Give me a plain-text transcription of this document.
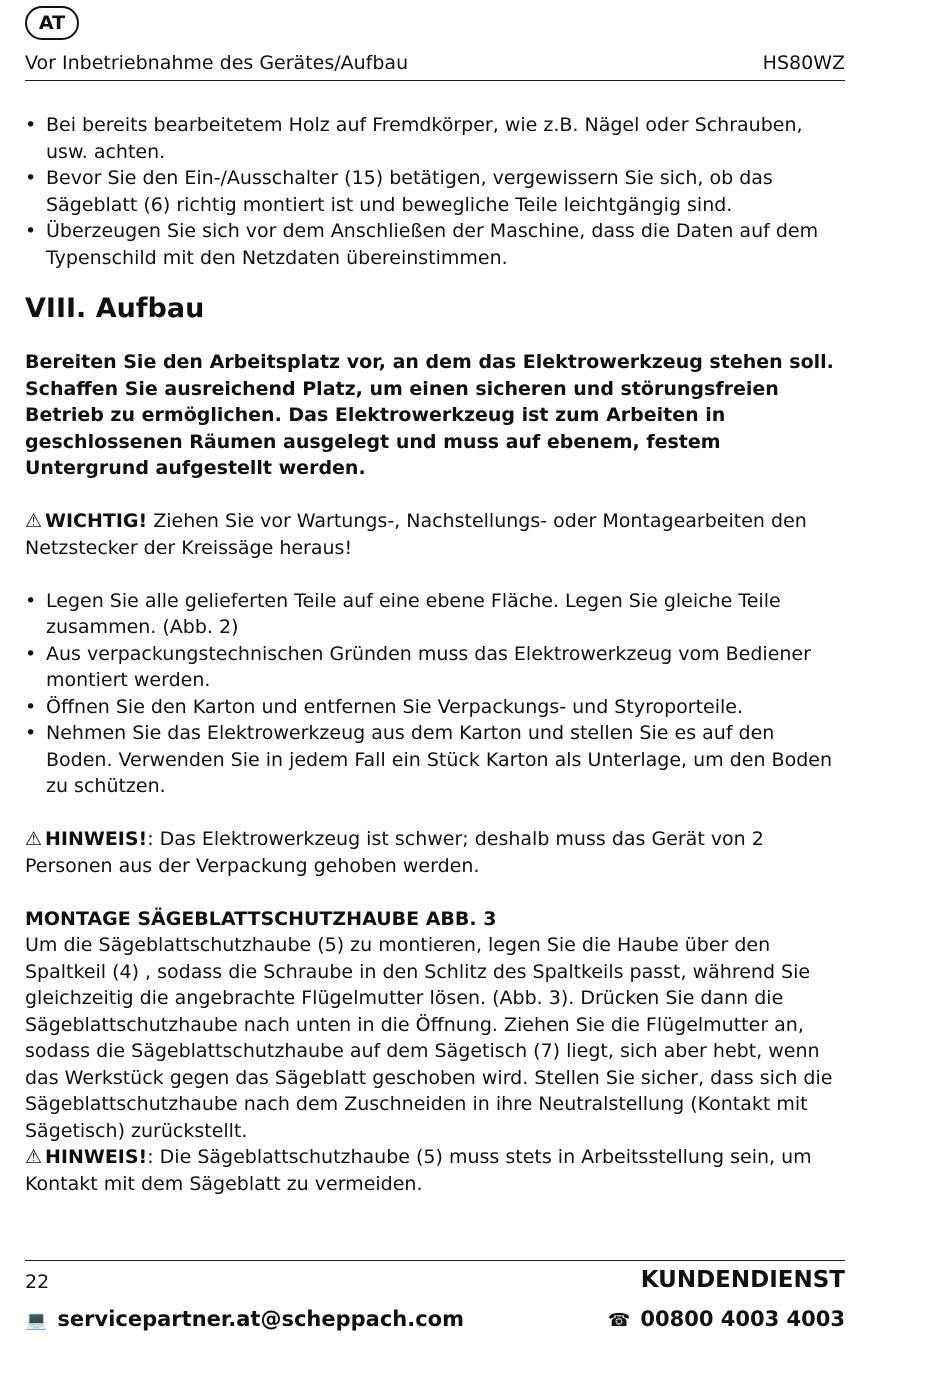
AT
Vor Inbetriebnahme des Gerätes/Aufbau	HS80WZ
• Bei bereits bearbeitetem Holz auf Fremdkörper, wie z.B. Nägel oder Schrauben, usw. achten.
• Bevor Sie den Ein-/Ausschalter (15) betätigen, vergewissern Sie sich, ob das Sägeblatt (6) richtig montiert ist und bewegliche Teile leichtgängig sind.
• Überzeugen Sie sich vor dem Anschließen der Maschine, dass die Daten auf dem Typenschild mit den Netzdaten übereinstimmen.
VIII. Aufbau

Bereiten Sie den Arbeitsplatz vor, an dem das Elektrowerkzeug stehen soll. Schaffen Sie ausreichend Platz, um einen sicheren und störungsfreien Betrieb zu ermöglichen. Das Elektrowerkzeug ist zum Arbeiten in geschlossenen Räumen ausgelegt und muss auf ebenem, festem Untergrund aufgestellt werden.

⚠ WICHTIG! Ziehen Sie vor Wartungs-, Nachstellungs- oder Montagearbeiten den Netzstecker der Kreissäge heraus!

• Legen Sie alle gelieferten Teile auf eine ebene Fläche. Legen Sie gleiche Teile zusammen. (Abb. 2)
• Aus verpackungstechnischen Gründen muss das Elektrowerkzeug vom Bediener montiert werden.
• Öffnen Sie den Karton und entfernen Sie Verpackungs- und Styroporteile.
• Nehmen Sie das Elektrowerkzeug aus dem Karton und stellen Sie es auf den Boden. Verwenden Sie in jedem Fall ein Stück Karton als Unterlage, um den Boden zu schützen.

⚠ HINWEIS!: Das Elektrowerkzeug ist schwer; deshalb muss das Gerät von 2 Personen aus der Verpackung gehoben werden.

MONTAGE SÄGEBLATTSCHUTZHAUBE ABB. 3

Um die Sägeblattschutzhaube (5) zu montieren, legen Sie die Haube über den Spaltkeil (4) , sodass die Schraube in den Schlitz des Spaltkeils passt, während Sie gleichzeitig die angebrachte Flügelmutter lösen. (Abb. 3). Drücken Sie dann die Sägeblattschutzhaube nach unten in die Öffnung. Ziehen Sie die Flügelmutter an, sodass die Sägeblattschutzhaube auf dem Sägetisch (7) liegt, sich aber hebt, wenn das Werkstück gegen das Sägeblatt geschoben wird. Stellen Sie sicher, dass sich die Sägeblattschutzhaube nach dem Zuschneiden in ihre Neutralstellung (Kontakt mit Sägetisch) zurückstellt.

⚠ HINWEIS!: Die Sägeblattschutzhaube (5) muss stets in Arbeitsstellung sein, um Kontakt mit dem Sägeblatt zu vermeiden.

22	KUNDENDIENST
💻 servicepartner.at@scheppach.com	☎ 00800 4003 4003
